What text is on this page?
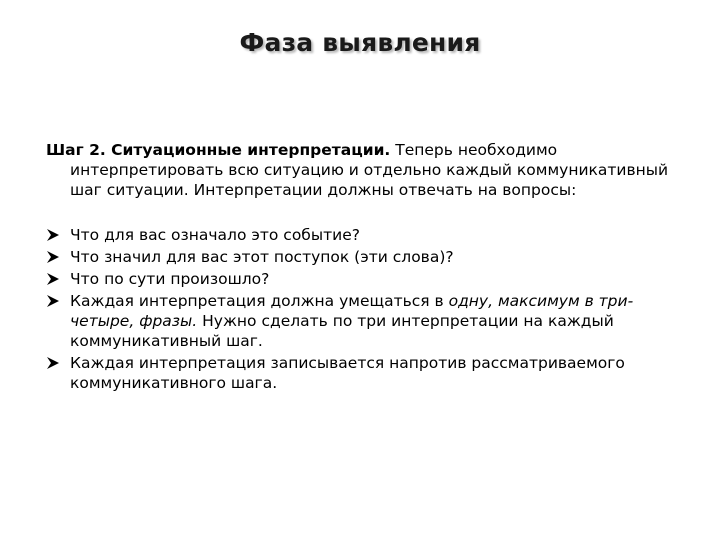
Фаза выявления

Шаг 2. Ситуационные интерпретации. Теперь необходимо интерпретировать всю ситуацию и отдельно каждый коммуникативный шаг ситуации. Интерпретации должны отвечать на вопросы:

Что для вас означало это событие?
Что значил для вас этот поступок (эти слова)?
Что по сути произошло?
Каждая интерпретация должна умещаться в одну, максимум в три-четыре, фразы. Нужно сделать по три интерпретации на каждый коммуникативный шаг.
Каждая интерпретация записывается напротив рассматриваемого коммуникативного шага.
